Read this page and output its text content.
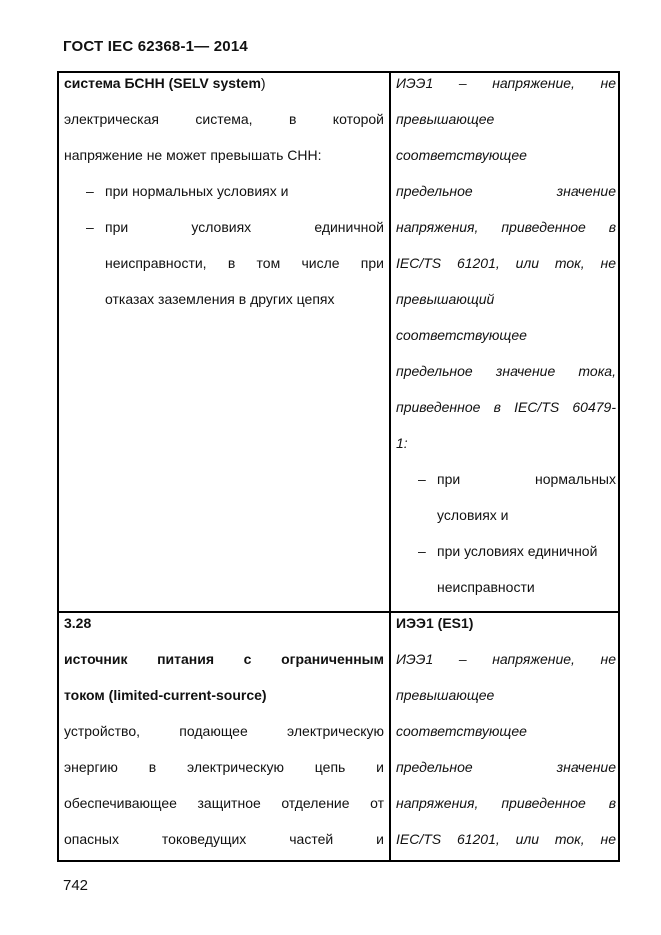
ГОСТ IEC 62368-1— 2014
система БСНН (SELV system)
электрическая система, в которой
напряжение не может превышать СНН:
– при нормальных условиях и
– при условиях единичной
неисправности, в том числе при
отказах заземления в других цепях
ИЭЭ1 – напряжение, не
превышающее
соответствующее
предельное значение
напряжения, приведенное в
IEC/TS 61201, или ток, не
превышающий
соответствующее
предельное значение тока,
приведенное в IEC/TS 60479-
1:
– при нормальных
условиях и
– при условиях единичной
неисправности
3.28
источник питания с ограниченным
током (limited-current-source)
устройство, подающее электрическую
энергию в электрическую цепь и
обеспечивающее защитное отделение от
опасных токоведущих частей и
ИЭЭ1 (ES1)
ИЭЭ1 – напряжение, не
превышающее
соответствующее
предельное значение
напряжения, приведенное в
IEC/TS 61201, или ток, не
742
